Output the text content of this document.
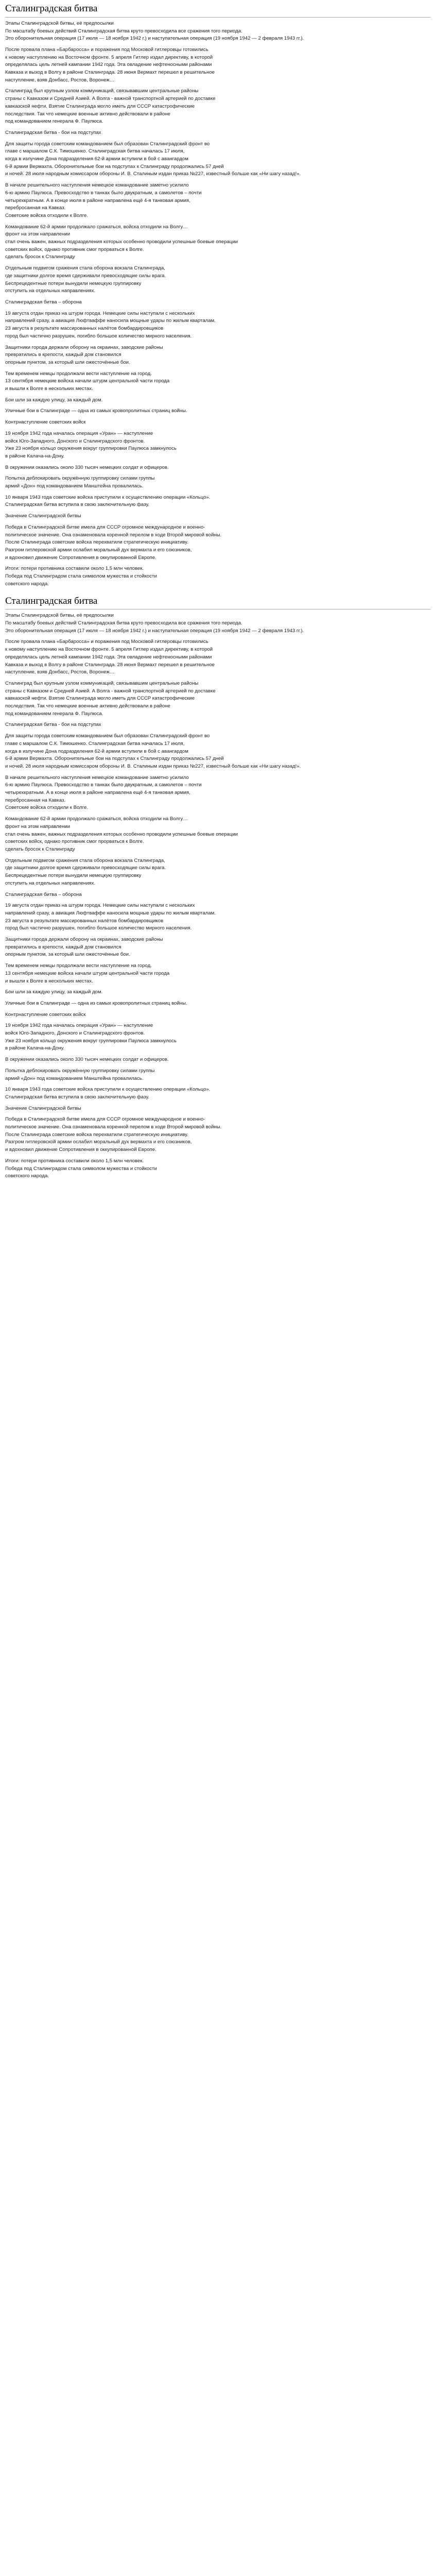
Сталинградская битва

Этапы Сталинградской битвы, её предпосылки

По масштабу боевых действий Сталинградская битва круто превосходила все сражения того периода.

Это оборонительная операция (17 июля — 18 ноября 1942 г.) и наступательная операция (19 ноября 1942 — 2 февраля 1943 гг.).

После провала плана «Барбаросса» и поражения под Московой гитлеровцы готовились

к новому наступлению на Восточном фронте. 5 апреля Гитлер издал директиву, в которой

определялась цель летней кампании 1942 года. Эта овладение нефтеносными районами

Кавказа и выход в Волгу в районе Сталинграда. 28 июня Вермахт перешел в решительное

наступление, взяв Донбасс, Ростов, Воронеж…

Сталинград был крупным узлом коммуникаций, связывавшим центральные районы

страны с Кавказом и Средней Азией. А Волга - важной транспортной артерией по доставке

кавказской нефти. Взятие Сталинграда могло иметь для СССР катастрофические

последствия. Так что немецкие военные активно действовали в районе

под командованием генерала Ф. Паулюса.

Сталинградская битва - бои на подступах

Для защиты города советским командованием был образован Сталинградский фронт во

главе с маршалом С.К. Тимошенко. Сталинградская битва началась 17 июля,

когда в излучине Дона подразделения 62-й армии вступили в бой с авангардом

6-й армии Вермахта. Оборонительные бои на подступах к Сталинграду продолжались 57 дней

и ночей. 28 июля народным комиссаром обороны И. В. Сталиным издан приказ №227, известный больше как «Ни шагу назад!».

В начале решительного наступления немецкое командование заметно усилило

6-ю армию Паулюса. Превосходство в танках было двукратным, а самолетов – почти

четырехкратным. А в конце июля в районе направлена ещё 4-я танковая армия,

перебросанная на Кавказ.

Советские войска отходили к Волге.

Командование 62-й армии продолжало сражаться, войска отходили на Волгу…

фронт на этом направлении

стал очень важен, важных подразделения которых особенно проводили успешные боевые операции

советских войск, однако противник смог прорваться к Волге.

сделать бросок к Сталинграду

Отдельным подвигом сражения стала оборона вокзала Сталинграда,

где защитники долгое время сдерживали превосходящие силы врага.

Беспрецедентные потери вынудили немецкую группировку

отступить на отдельных направлениях.

Сталинградская битва – оборона

19 августа отдан приказ на штурм города. Немецкие силы наступали с нескольких

направлений сразу, а авиация Люфтваффе наносила мощные удары по жилым кварталам.

23 августа в результате массированных налётов бомбардировщиков

город был частично разрушен, погибло большое количество мирного населения.

Защитники города держали оборону на окраинах, заводские районы

превратились в крепости, каждый дом становился

опорным пунктом, за который шли ожесточённые бои.

Тем временем немцы продолжали вести наступление на город.

13 сентября немецкие войска начали штурм центральной части города

и вышли к Волге в нескольких местах.

Бои шли за каждую улицу, за каждый дом.

Уличные бои в Сталинграде — одна из самых кровопролитных страниц войны.

Контрнаступление советских войск

19 ноября 1942 года началась операция «Уран» — наступление

войск Юго-Западного, Донского и Сталинградского фронтов.

Уже 23 ноября кольцо окружения вокруг группировки Паулюса замкнулось

в районе Калача-на-Дону.

В окружении оказались около 330 тысяч немецких солдат и офицеров.

Попытка деблокировать окружённую группировку силами группы

армий «Дон» под командованием Манштейна провалилась.

10 января 1943 года советские войска приступили к осуществлению операции «Кольцо».

Сталинградская битва вступила в свою заключительную фазу.

Значение Сталинградской битвы

Победа в Сталинградской битве имела для СССР огромное международное и военно-

политическое значение. Она ознаменовала коренной перелом в ходе Второй мировой войны.

После Сталинграда советские войска перехватили стратегическую инициативу.

Разгром гитлеровской армии ослабил моральный дух вермахта и его союзников,

и вдохновил движение Сопротивления в оккупированной Европе.

Итоги: потери противника составили около 1,5 млн человек.

Победа под Сталинградом стала символом мужества и стойкости

советского народа.

Сталинградская битва

Этапы Сталинградской битвы, её предпосылки

По масштабу боевых действий Сталинградская битва круто превосходила все сражения того периода.

Это оборонительная операция (17 июля — 18 ноября 1942 г.) и наступательная операция (19 ноября 1942 — 2 февраля 1943 гг.).

После провала плана «Барбаросса» и поражения под Московой гитлеровцы готовились

к новому наступлению на Восточном фронте. 5 апреля Гитлер издал директиву, в которой

определялась цель летней кампании 1942 года. Эта овладение нефтеносными районами

Кавказа и выход в Волгу в районе Сталинграда. 28 июня Вермахт перешел в решительное

наступление, взяв Донбасс, Ростов, Воронеж…

Сталинград был крупным узлом коммуникаций, связывавшим центральные районы

страны с Кавказом и Средней Азией. А Волга - важной транспортной артерией по доставке

кавказской нефти. Взятие Сталинграда могло иметь для СССР катастрофические

последствия. Так что немецкие военные активно действовали в районе

под командованием генерала Ф. Паулюса.

Сталинградская битва - бои на подступах

Для защиты города советским командованием был образован Сталинградский фронт во

главе с маршалом С.К. Тимошенко. Сталинградская битва началась 17 июля,

когда в излучине Дона подразделения 62-й армии вступили в бой с авангардом

6-й армии Вермахта. Оборонительные бои на подступах к Сталинграду продолжались 57 дней

и ночей. 28 июля народным комиссаром обороны И. В. Сталиным издан приказ №227, известный больше как «Ни шагу назад!».

В начале решительного наступления немецкое командование заметно усилило

6-ю армию Паулюса. Превосходство в танках было двукратным, а самолетов – почти

четырехкратным. А в конце июля в районе направлена ещё 4-я танковая армия,

перебросанная на Кавказ.

Советские войска отходили к Волге.

Командование 62-й армии продолжало сражаться, войска отходили на Волгу…

фронт на этом направлении

стал очень важен, важных подразделения которых особенно проводили успешные боевые операции

советских войск, однако противник смог прорваться к Волге.

сделать бросок к Сталинграду

Отдельным подвигом сражения стала оборона вокзала Сталинграда,

где защитники долгое время сдерживали превосходящие силы врага.

Беспрецедентные потери вынудили немецкую группировку

отступить на отдельных направлениях.

Сталинградская битва – оборона

19 августа отдан приказ на штурм города. Немецкие силы наступали с нескольких

направлений сразу, а авиация Люфтваффе наносила мощные удары по жилым кварталам.

23 августа в результате массированных налётов бомбардировщиков

город был частично разрушен, погибло большое количество мирного населения.

Защитники города держали оборону на окраинах, заводские районы

превратились в крепости, каждый дом становился

опорным пунктом, за который шли ожесточённые бои.

Тем временем немцы продолжали вести наступление на город.

13 сентября немецкие войска начали штурм центральной части города

и вышли к Волге в нескольких местах.

Бои шли за каждую улицу, за каждый дом.

Уличные бои в Сталинграде — одна из самых кровопролитных страниц войны.

Контрнаступление советских войск

19 ноября 1942 года началась операция «Уран» — наступление

войск Юго-Западного, Донского и Сталинградского фронтов.

Уже 23 ноября кольцо окружения вокруг группировки Паулюса замкнулось

в районе Калача-на-Дону.

В окружении оказались около 330 тысяч немецких солдат и офицеров.

Попытка деблокировать окружённую группировку силами группы

армий «Дон» под командованием Манштейна провалилась.

10 января 1943 года советские войска приступили к осуществлению операции «Кольцо».

Сталинградская битва вступила в свою заключительную фазу.

Значение Сталинградской битвы

Победа в Сталинградской битве имела для СССР огромное международное и военно-

политическое значение. Она ознаменовала коренной перелом в ходе Второй мировой войны.

После Сталинграда советские войска перехватили стратегическую инициативу.

Разгром гитлеровской армии ослабил моральный дух вермахта и его союзников,

и вдохновил движение Сопротивления в оккупированной Европе.

Итоги: потери противника составили около 1,5 млн человек.

Победа под Сталинградом стала символом мужества и стойкости

советского народа.
